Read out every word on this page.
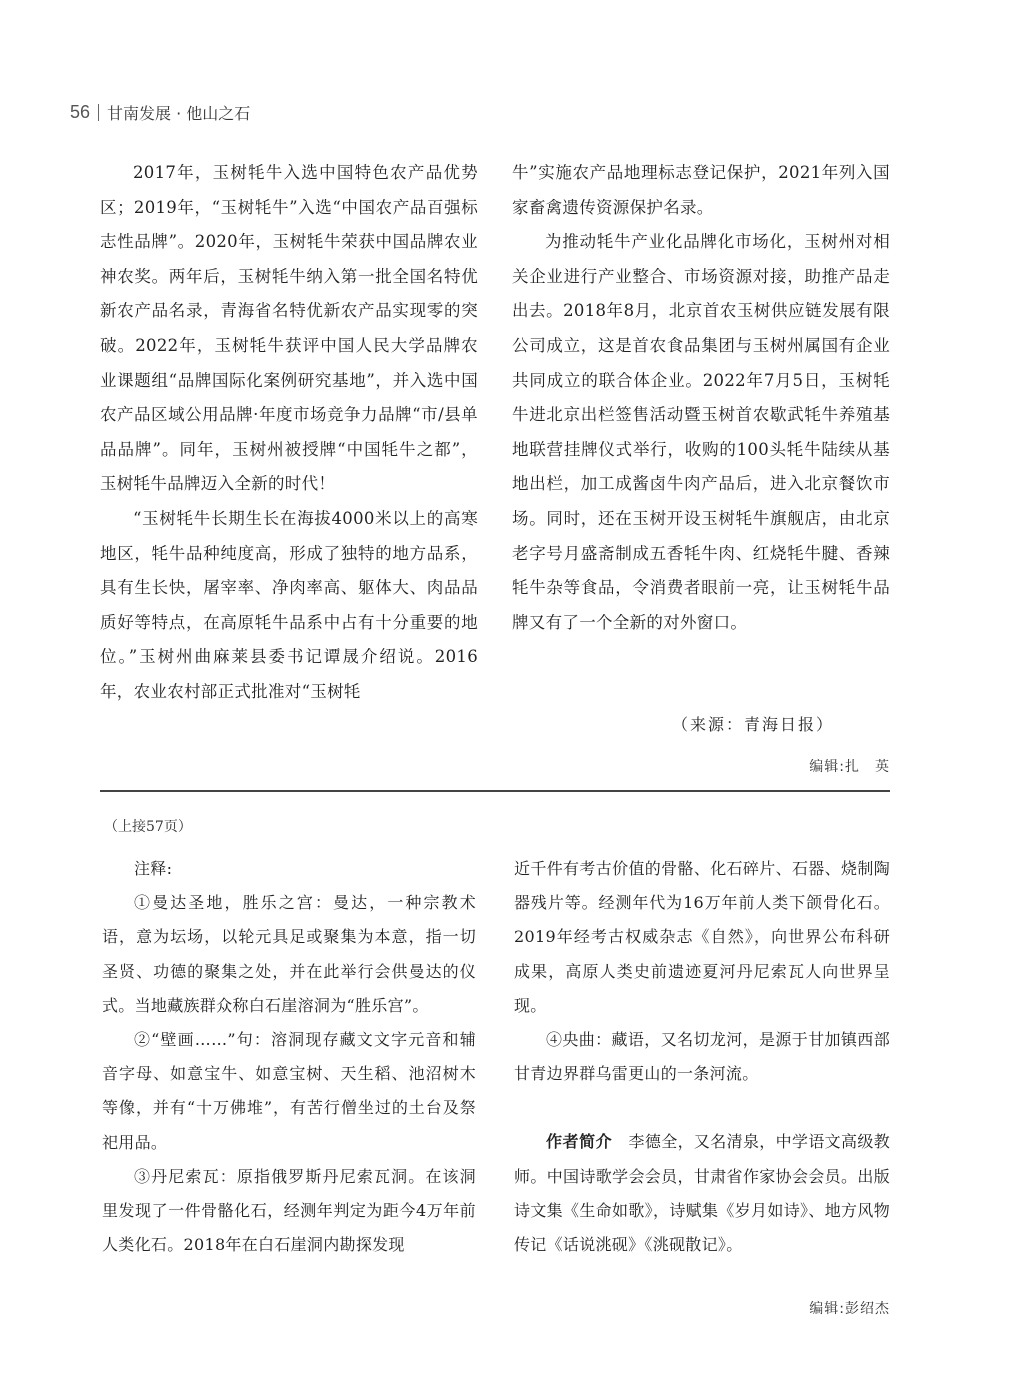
56 甘南发展 · 他山之石

2017年，玉树牦牛入选中国特色农产品优势区；2019年，“玉树牦牛”入选“中国农产品百强标志性品牌”。2020年，玉树牦牛荣获中国品牌农业神农奖。两年后，玉树牦牛纳入第一批全国名特优新农产品名录，青海省名特优新农产品实现零的突破。2022年，玉树牦牛获评中国人民大学品牌农业课题组“品牌国际化案例研究基地”，并入选中国农产品区域公用品牌·年度市场竞争力品牌“市/县单品品牌”。同年，玉树州被授牌“中国牦牛之都”，玉树牦牛品牌迈入全新的时代！

“玉树牦牛长期生长在海拔4000米以上的高寒地区，牦牛品种纯度高，形成了独特的地方品系，具有生长快，屠宰率、净肉率高、躯体大、肉品品质好等特点，在高原牦牛品系中占有十分重要的地位。”玉树州曲麻莱县委书记谭晟介绍说。2016年，农业农村部正式批准对“玉树牦

牛”实施农产品地理标志登记保护，2021年列入国家畜禽遗传资源保护名录。

为推动牦牛产业化品牌化市场化，玉树州对相关企业进行产业整合、市场资源对接，助推产品走出去。2018年8月，北京首农玉树供应链发展有限公司成立，这是首农食品集团与玉树州属国有企业共同成立的联合体企业。2022年7月5日，玉树牦牛进北京出栏签售活动暨玉树首农歇武牦牛养殖基地联营挂牌仪式举行，收购的100头牦牛陆续从基地出栏，加工成酱卤牛肉产品后，进入北京餐饮市场。同时，还在玉树开设玉树牦牛旗舰店，由北京老字号月盛斋制成五香牦牛肉、红烧牦牛腱、香辣牦牛杂等食品，令消费者眼前一亮，让玉树牦牛品牌又有了一个全新的对外窗口。

（来源：青海日报）
编辑:扎　英
（上接57页）

注释:

①曼达圣地，胜乐之宫：曼达，一种宗教术语，意为坛场，以轮元具足或聚集为本意，指一切圣贤、功德的聚集之处，并在此举行会供曼达的仪式。当地藏族群众称白石崖溶洞为“胜乐宫”。

②“壁画……”句：溶洞现存藏文文字元音和辅音字母、如意宝牛、如意宝树、天生稻、池沼树木等像，并有“十万佛堆”，有苦行僧坐过的土台及祭祀用品。

③丹尼索瓦：原指俄罗斯丹尼索瓦洞。在该洞里发现了一件骨骼化石，经测年判定为距今4万年前人类化石。2018年在白石崖洞内勘探发现

近千件有考古价值的骨骼、化石碎片、石器、烧制陶器残片等。经测年代为16万年前人类下颌骨化石。2019年经考古权威杂志《自然》，向世界公布科研成果，高原人类史前遗迹夏河丹尼索瓦人向世界呈现。

④央曲：藏语，又名切龙河，是源于甘加镇西部甘青边界群乌雷更山的一条河流。

作者简介　李德全，又名清泉，中学语文高级教师。中国诗歌学会会员，甘肃省作家协会会员。出版诗文集《生命如歌》，诗赋集《岁月如诗》、地方风物传记《话说洮砚》《洮砚散记》。

编辑:彭绍杰
